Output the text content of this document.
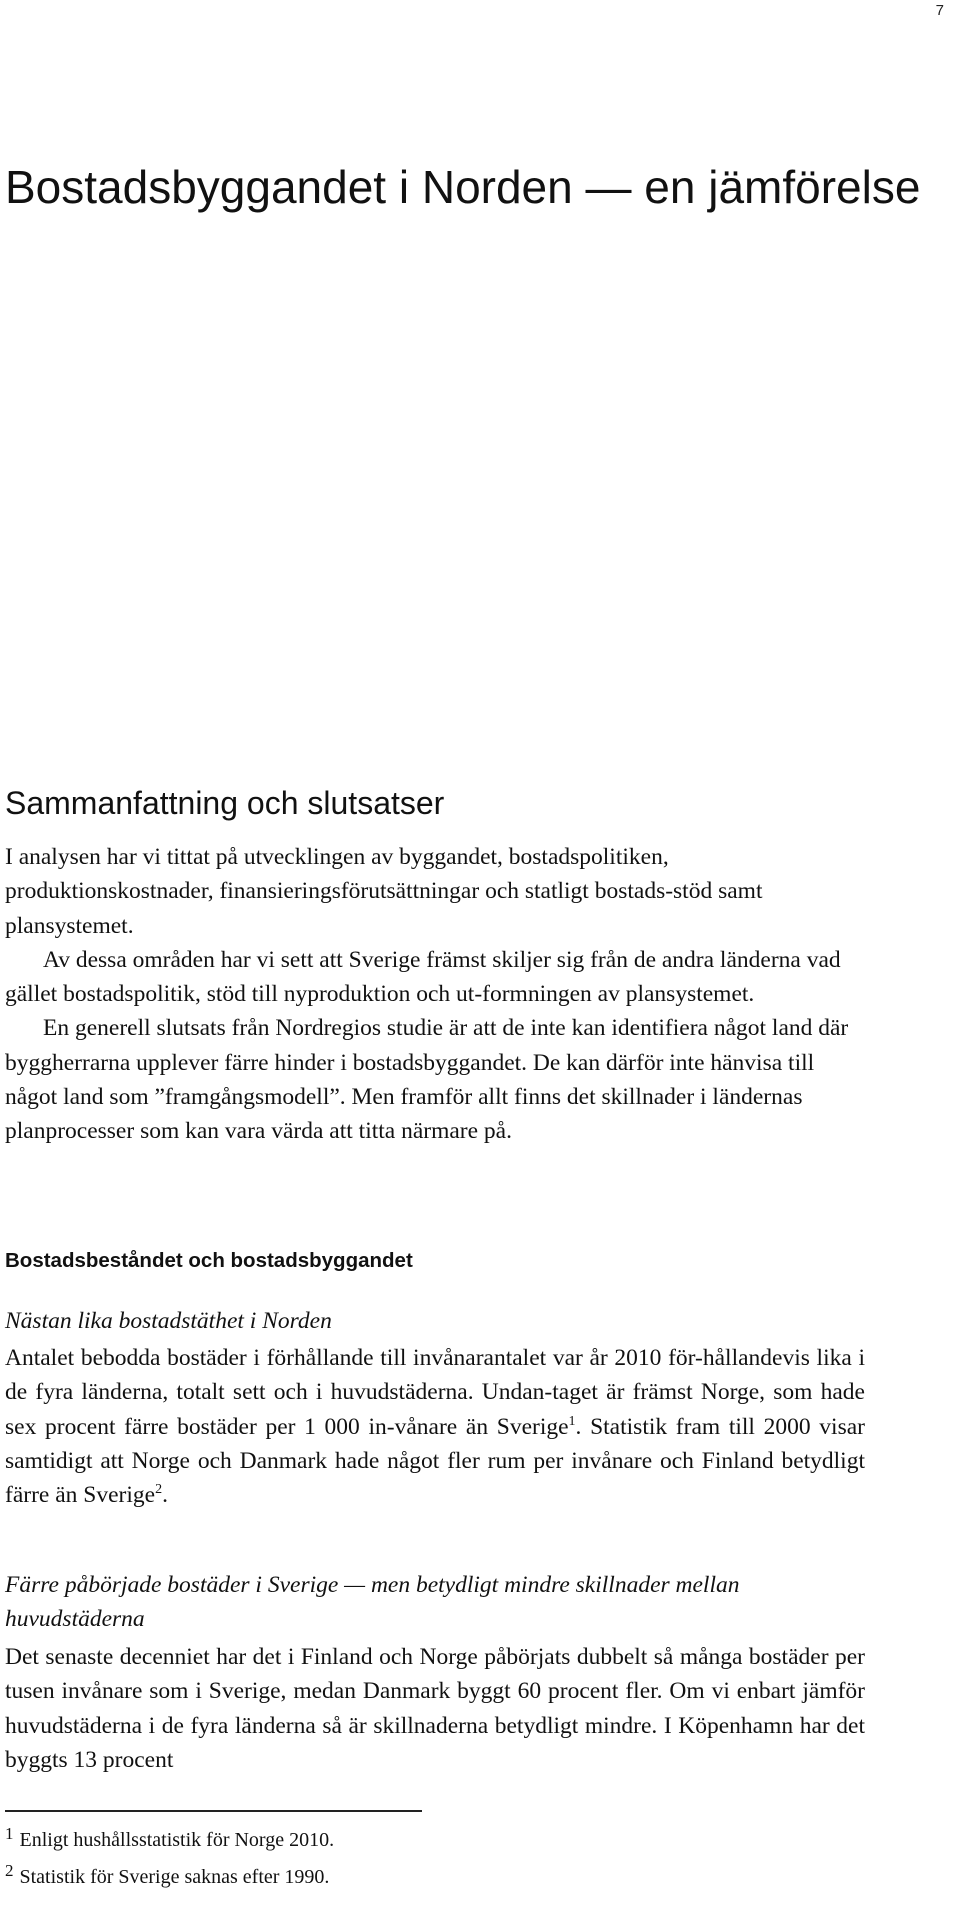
7
Bostadsbyggandet i Norden — en jämförelse
Sammanfattning och slutsatser

I analysen har vi tittat på utvecklingen av byggandet, bostadspolitiken, produktionskostnader, finansieringsförutsättningar och statligt bostads-stöd samt plansystemet.

Av dessa områden har vi sett att Sverige främst skiljer sig från de andra länderna vad gället bostadspolitik, stöd till nyproduktion och ut-formningen av plansystemet.

En generell slutsats från Nordregios studie är att de inte kan identifiera något land där byggherrarna upplever färre hinder i bostadsbyggandet. De kan därför inte hänvisa till något land som ”framgångsmodell”. Men framför allt finns det skillnader i ländernas planprocesser som kan vara värda att titta närmare på.

Bostadsbeståndet och bostadsbyggandet

Nästan lika bostadstäthet i Norden

Antalet bebodda bostäder i förhållande till invånarantalet var år 2010 för-hållandevis lika i de fyra länderna, totalt sett och i huvudstäderna. Undan-taget är främst Norge, som hade sex procent färre bostäder per 1 000 in-vånare än Sverige$^1$. Statistik fram till 2000 visar samtidigt att Norge och Danmark hade något fler rum per invånare och Finland betydligt färre än Sverige$^2$.

Färre påbörjade bostäder i Sverige — men betydligt mindre skillnader mellan huvudstäderna

Det senaste decenniet har det i Finland och Norge påbörjats dubbelt så många bostäder per tusen invånare som i Sverige, medan Danmark byggt 60 procent fler. Om vi enbart jämför huvudstäderna i de fyra länderna så är skillnaderna betydligt mindre. I Köpenhamn har det byggts 13 procent

$^1$ Enligt hushållsstatistik för Norge 2010.

$^2$ Statistik för Sverige saknas efter 1990.
